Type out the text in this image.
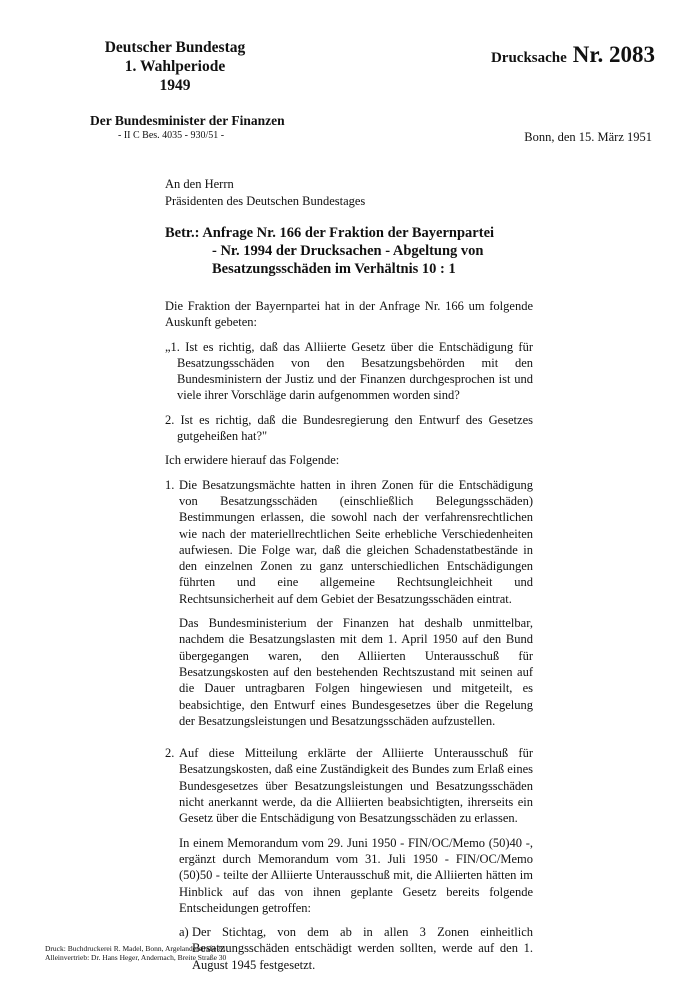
Deutscher Bundestag
1. Wahlperiode
1949
Drucksache Nr. 2083
Der Bundesminister der Finanzen
- II C Bes. 4035 - 930/51 -	Bonn, den 15. März 1951
An den Herrn
Präsidenten des Deutschen Bundestages
Betr.: Anfrage Nr. 166 der Fraktion der Bayernpartei
- Nr. 1994 der Drucksachen - Abgeltung von
Besatzungsschäden im Verhältnis 10 : 1

Die Fraktion der Bayernpartei hat in der Anfrage Nr. 166 um folgende Auskunft gebeten:

„1. Ist es richtig, daß das Alliierte Gesetz über die Entschädigung für Besatzungsschäden von den Besatzungsbehörden mit den Bundesministern der Justiz und der Finanzen durchgesprochen ist und viele ihrer Vorschläge darin aufgenommen worden sind?

2. Ist es richtig, daß die Bundesregierung den Entwurf des Gesetzes gutgeheißen hat?"

Ich erwidere hierauf das Folgende:

1. Die Besatzungsmächte hatten in ihren Zonen für die Entschädigung von Besatzungsschäden (einschließlich Belegungsschäden) Bestimmungen erlassen, die sowohl nach der verfahrensrechtlichen wie nach der materiellrechtlichen Seite erhebliche Verschiedenheiten aufwiesen. Die Folge war, daß die gleichen Schadenstatbestände in den einzelnen Zonen zu ganz unterschiedlichen Entschädigungen führten und eine allgemeine Rechtsungleichheit und Rechtsunsicherheit auf dem Gebiet der Besatzungsschäden eintrat.

Das Bundesministerium der Finanzen hat deshalb unmittelbar, nachdem die Besatzungslasten mit dem 1. April 1950 auf den Bund übergegangen waren, den Alliierten Unterausschuß für Besatzungskosten auf den bestehenden Rechtszustand mit seinen auf die Dauer untragbaren Folgen hingewiesen und mitgeteilt, es beabsichtige, den Entwurf eines Bundesgesetzes über die Regelung der Besatzungsleistungen und Besatzungsschäden aufzustellen.

2. Auf diese Mitteilung erklärte der Alliierte Unterausschuß für Besatzungskosten, daß eine Zuständigkeit des Bundes zum Erlaß eines Bundesgesetzes über Besatzungsleistungen und Besatzungsschäden nicht anerkannt werde, da die Alliierten beabsichtigten, ihrerseits ein Gesetz über die Entschädigung von Besatzungsschäden zu erlassen.

In einem Memorandum vom 29. Juni 1950 - FIN/OC/Memo (50)40 -, ergänzt durch Memorandum vom 31. Juli 1950 - FIN/OC/Memo (50)50 - teilte der Alliierte Unterausschuß mit, die Alliierten hätten im Hinblick auf das von ihnen geplante Gesetz bereits folgende Entscheidungen getroffen:

a) Der Stichtag, von dem ab in allen 3 Zonen einheitlich Besatzungsschäden entschädigt werden sollten, werde auf den 1. August 1945 festgesetzt.
Druck: Buchdruckerei R. Madel, Bonn, Argelanderstraße 81
Alleinvertrieb: Dr. Hans Heger, Andernach, Breite Straße 30
